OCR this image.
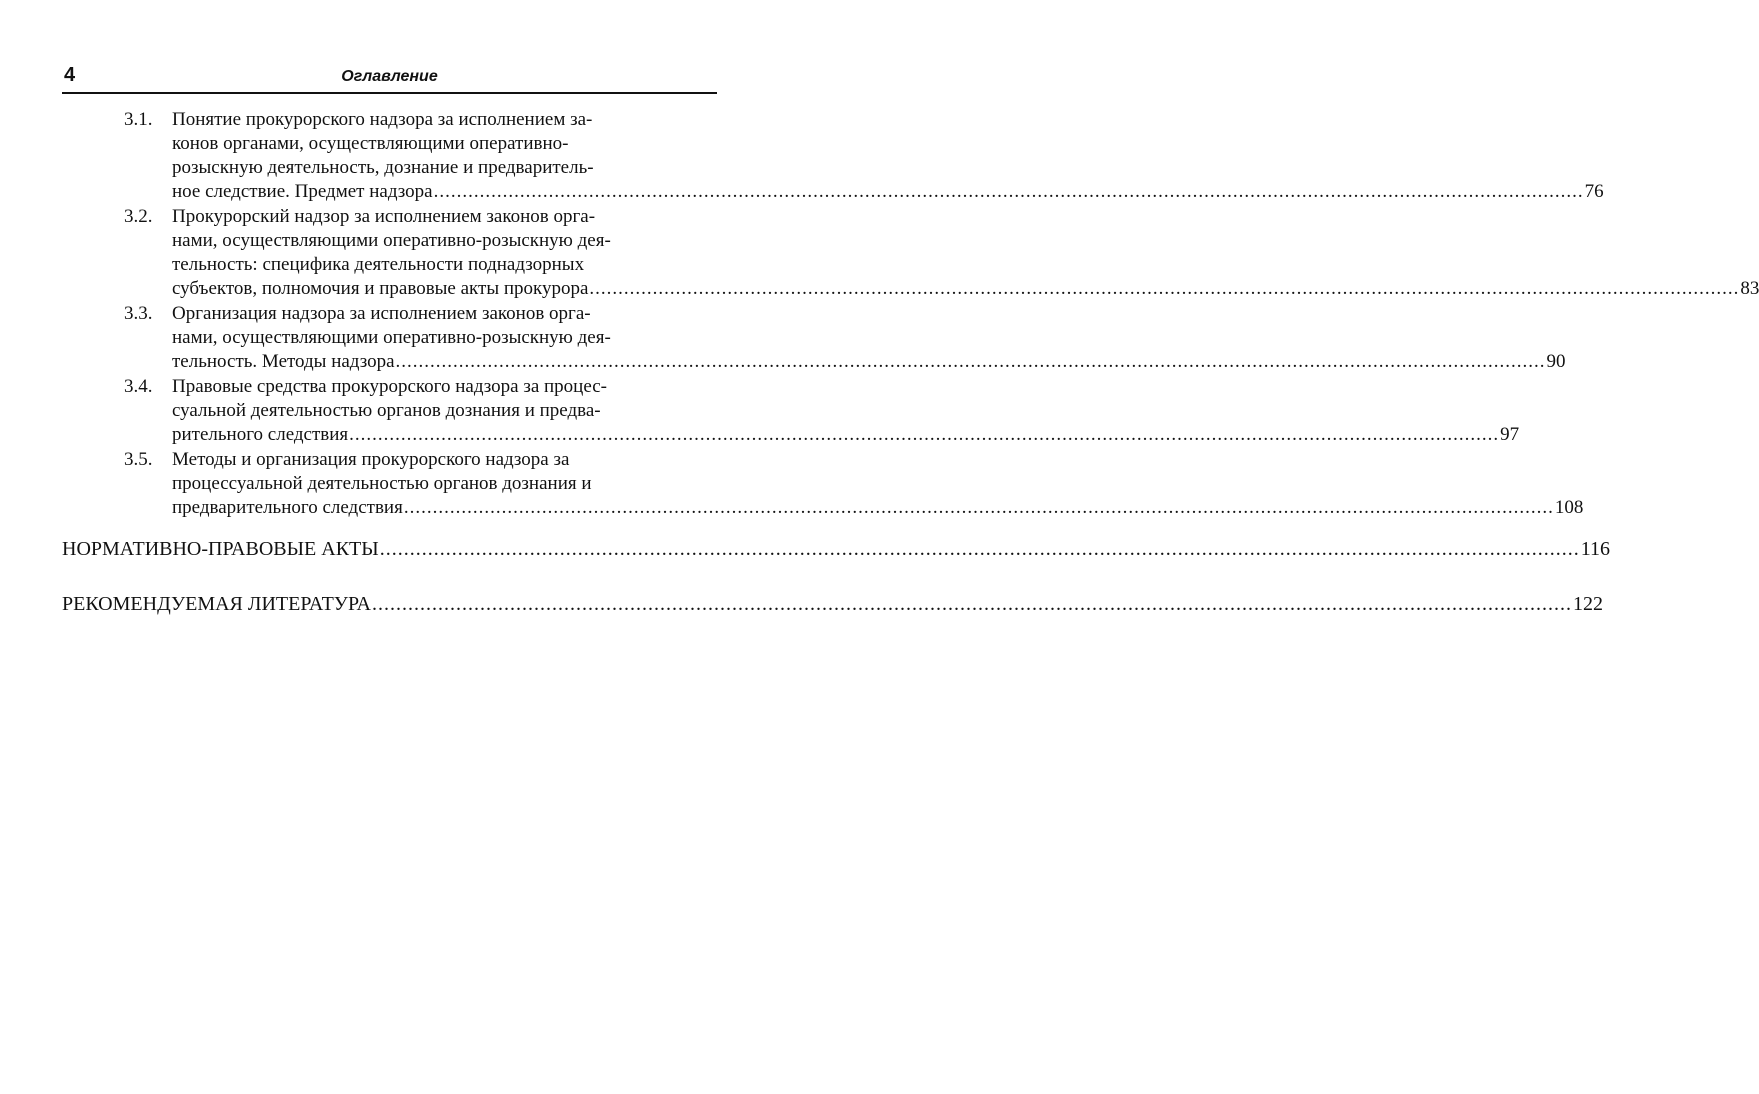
4	Оглавление
3.1. Понятие прокурорского надзора за исполнением за-
конов органами, осуществляющими оперативно-
розыскную деятельность, дознание и предваритель-
ное следствие. Предмет надзора ........................................................................................................................................................................................................ 76
3.2. Прокурорский надзор за исполнением законов орга-
нами, осуществляющими оперативно-розыскную дея-
тельность: специфика деятельности поднадзорных
субъектов, полномочия и правовые акты прокурора ........................................................................................................................................................................................................ 83
3.3. Организация надзора за исполнением законов орга-
нами, осуществляющими оперативно-розыскную дея-
тельность. Методы надзора ........................................................................................................................................................................................................ 90
3.4. Правовые средства прокурорского надзора за процес-
суальной деятельностью органов дознания и предва-
рительного следствия ........................................................................................................................................................................................................ 97
3.5. Методы и организация прокурорского надзора за
процессуальной деятельностью органов дознания и
предварительного следствия ........................................................................................................................................................................................................ 108
НОРМАТИВНО-ПРАВОВЫЕ АКТЫ ........................................................................................................................................................................................................ 116
РЕКОМЕНДУЕМАЯ ЛИТЕРАТУРА ........................................................................................................................................................................................................ 122
